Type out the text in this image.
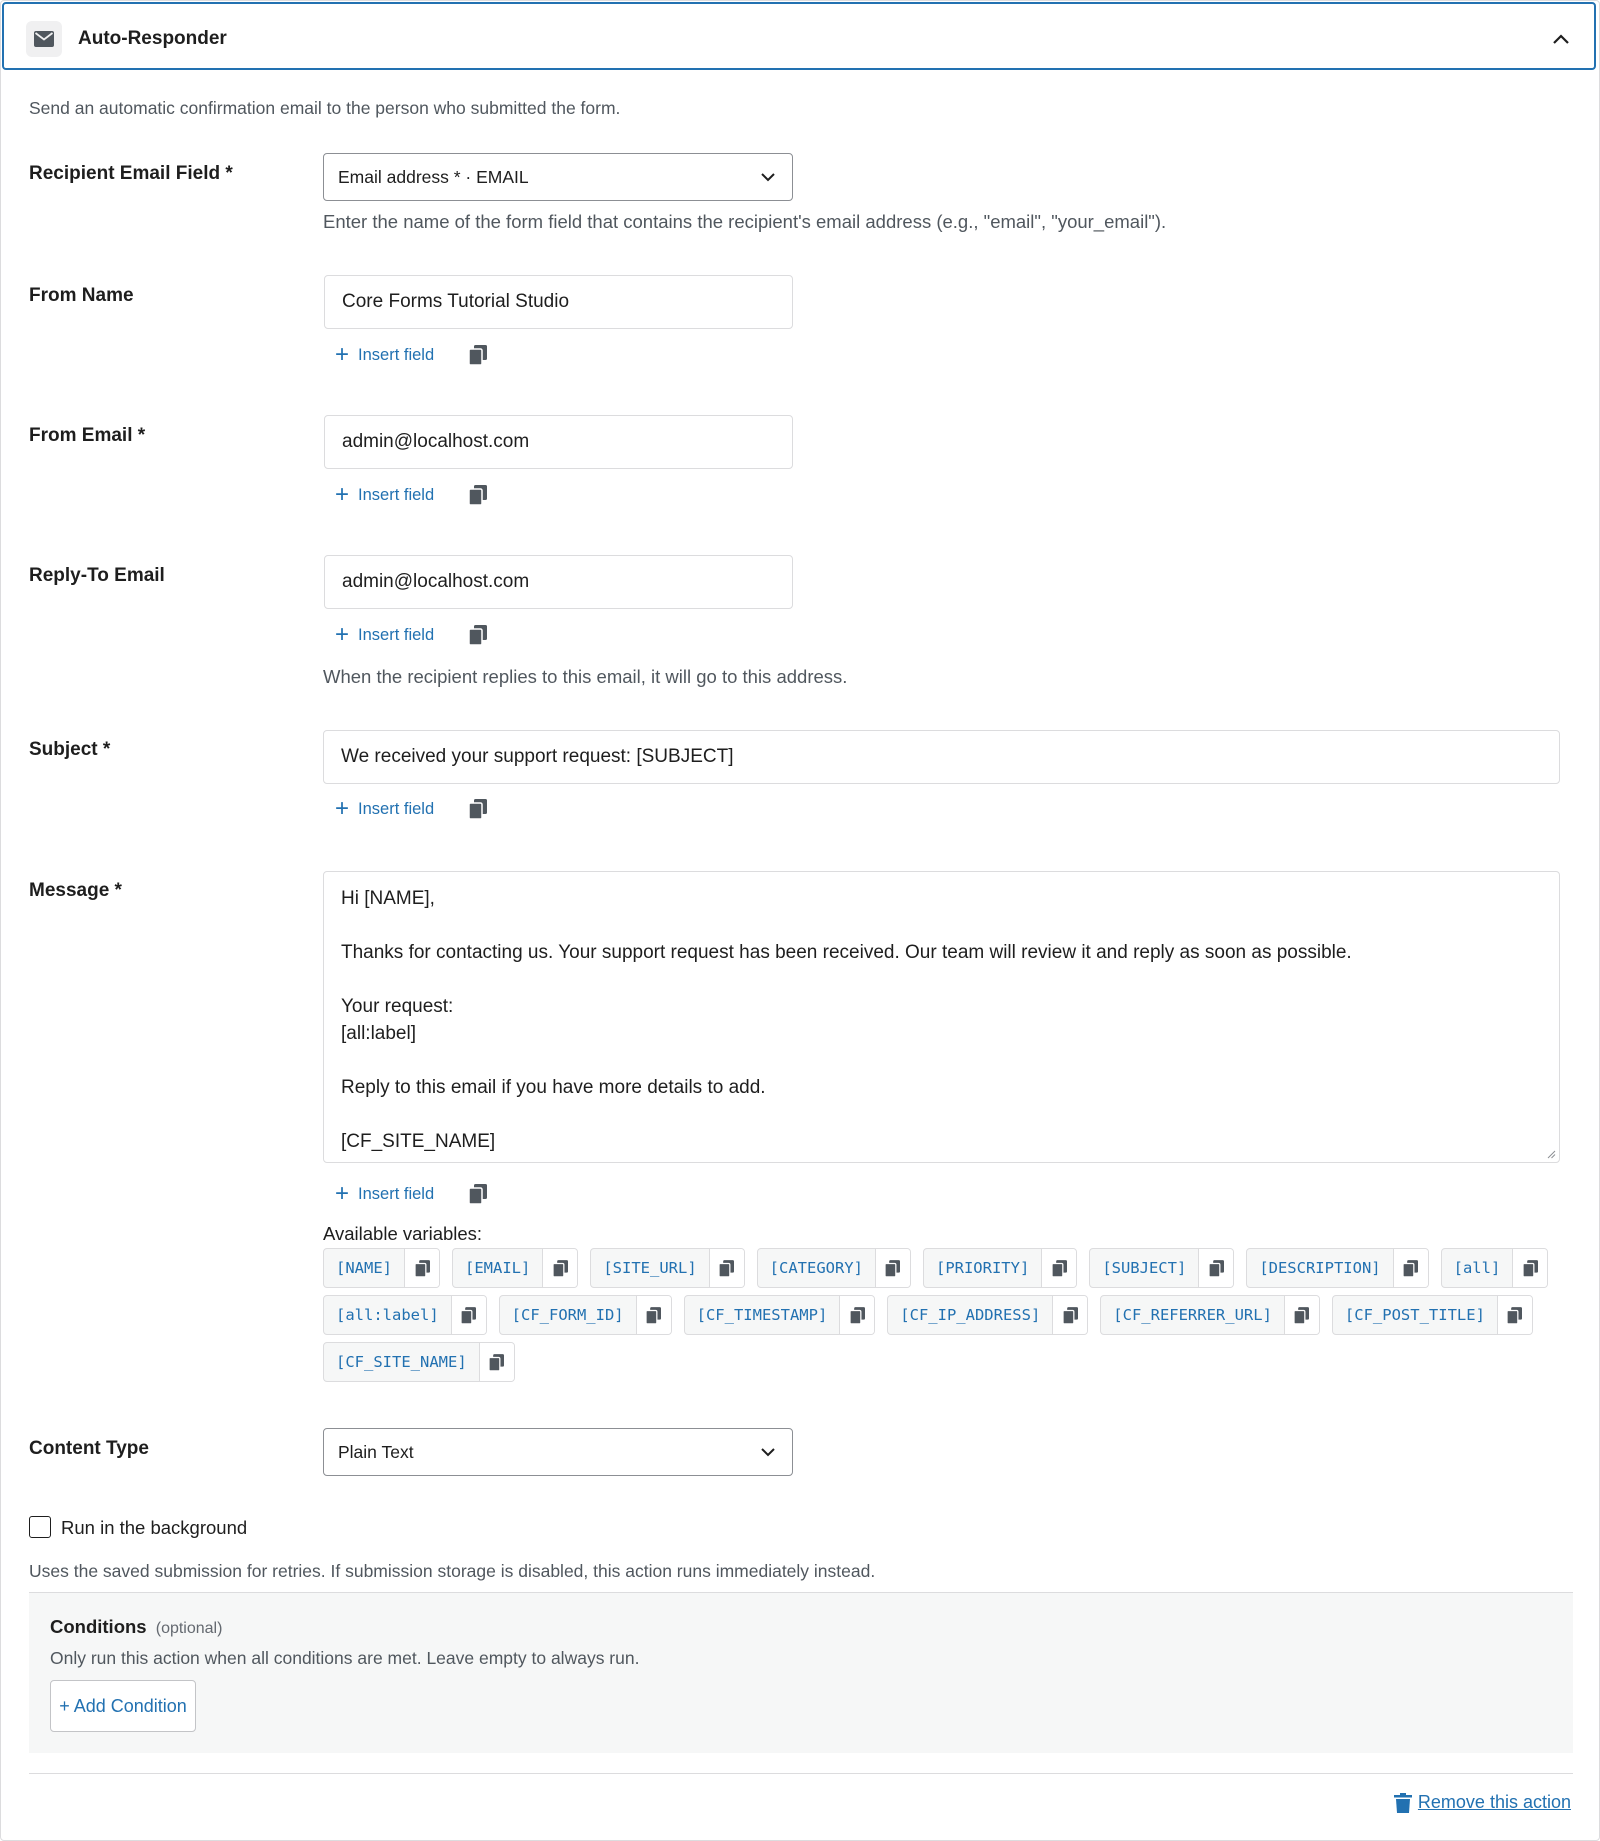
Auto-Responder
Send an automatic confirmation email to the person who submitted the form.
Recipient Email Field *	Email address * · EMAIL
Enter the name of the form field that contains the recipient's email address (e.g., "email", "your_email").
From Name	Core Forms Tutorial Studio
+ Insert field
From Email *	admin@localhost.com
+ Insert field
Reply-To Email	admin@localhost.com
+ Insert field
When the recipient replies to this email, it will go to this address.
Subject *	We received your support request: [SUBJECT]
+ Insert field
Message *	Hi [NAME],
Thanks for contacting us. Your support request has been received. Our team will review it and reply as soon as possible.
Your request:
[all:label]
Reply to this email if you have more details to add.
[CF_SITE_NAME]
+ Insert field
Available variables:
[NAME]	[EMAIL]	[SITE_URL]	[CATEGORY]	[PRIORITY]	[SUBJECT]	[DESCRIPTION]	[all]
[all:label]	[CF_FORM_ID]	[CF_TIMESTAMP]	[CF_IP_ADDRESS]	[CF_REFERRER_URL]	[CF_POST_TITLE]
[CF_SITE_NAME]
Content Type	Plain Text
Run in the background
Uses the saved submission for retries. If submission storage is disabled, this action runs immediately instead.
Conditions (optional)
Only run this action when all conditions are met. Leave empty to always run.
+ Add Condition
Remove this action
